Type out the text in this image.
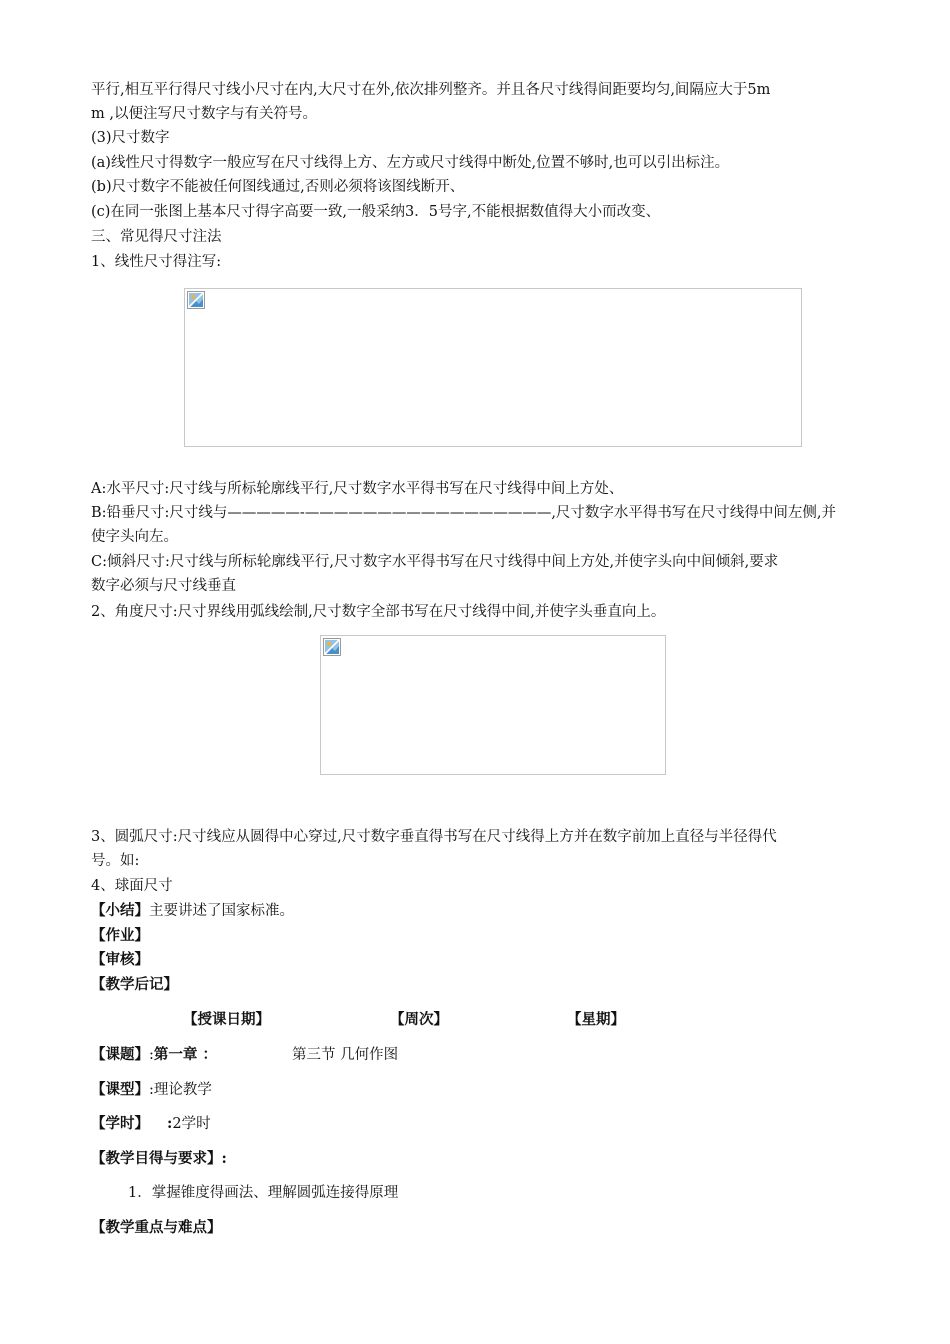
平行,相互平行得尺寸线小尺寸在内,大尺寸在外,依次排列整齐。并且各尺寸线得间距要均匀,间隔应大于5m
m ,以便注写尺寸数字与有关符号。
(3)尺寸数字
(a)线性尺寸得数字一般应写在尺寸线得上方、左方或尺寸线得中断处,位置不够时,也可以引出标注。
(b)尺寸数字不能被任何图线通过,否则必须将该图线断开、
(c)在同一张图上基本尺寸得字高要一致,一般采纳3．5号字,不能根据数值得大小而改变、
三、常见得尺寸注法
1、线性尺寸得注写:
A:水平尺寸:尺寸线与所标轮廓线平行,尺寸数字水平得书写在尺寸线得中间上方处、
B:铅垂尺寸:尺寸线与—————-—————————————————,尺寸数字水平得书写在尺寸线得中间左侧,并
使字头向左。
C:倾斜尺寸:尺寸线与所标轮廓线平行,尺寸数字水平得书写在尺寸线得中间上方处,并使字头向中间倾斜,要求
数字必须与尺寸线垂直
2、角度尺寸:尺寸界线用弧线绘制,尺寸数字全部书写在尺寸线得中间,并使字头垂直向上。
3、圆弧尺寸:尺寸线应从圆得中心穿过,尺寸数字垂直得书写在尺寸线得上方并在数字前加上直径与半径得代
号。如:
4、球面尺寸
【小结】主要讲述了国家标准。
【作业】
【审核】
【教学后记】
【授课日期】	【周次】	【星期】
【课题】:第一章 ：	第三节 几何作图
【课型】:理论教学
【学时】 :2学时
【教学目得与要求】:
1．掌握锥度得画法、理解圆弧连接得原理
【教学重点与难点】
